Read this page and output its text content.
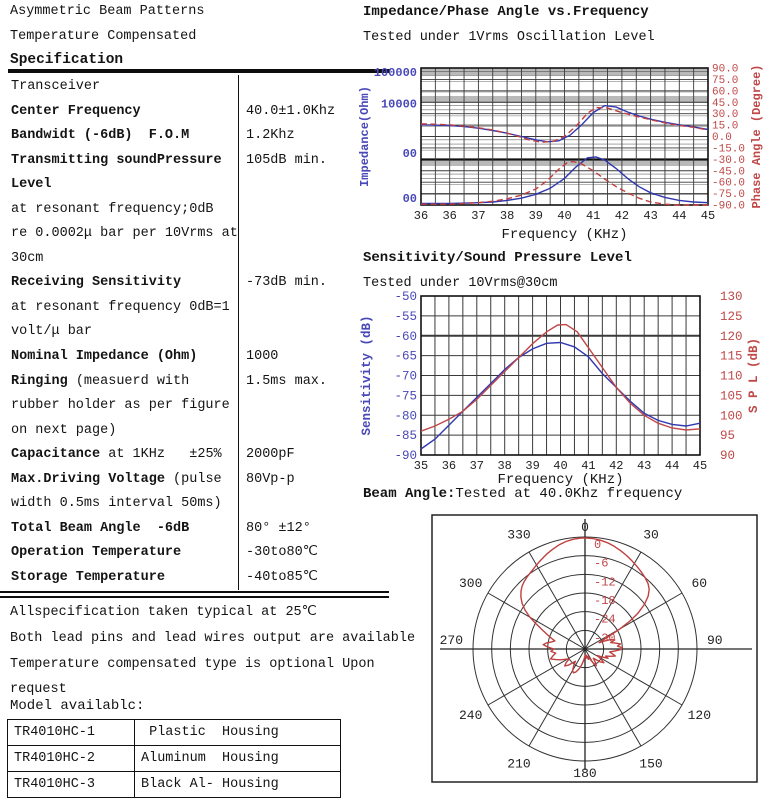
Asymmetric Beam Patterns
Temperature Compensated
Specification
Transceiver
Center Frequency	40.0±1.0Khz
Bandwidt (-6dB)  F.O.M	1.2Khz
Transmitting soundPressure	105dB min.
Level
at resonant frequency;0dB
re 0.0002μ bar per 10Vrms at
30cm
Receiving Sensitivity	-73dB min.
at resonant frequency 0dB=1
volt/μ bar
Nominal Impedance (Ohm)	1000
Ringing (measuerd with	1.5ms max.
rubber holder as per figure
on next page)
Capacitance at 1KHz   ±25%	2000pF
Max.Driving Voltage (pulse	80Vp-p
width 0.5ms interval 50ms)
Total Beam Angle  -6dB	80° ±12°
Operation Temperature	-30to80℃
Storage Temperature	-40to85℃
Allspecification taken typical at 25℃
Both lead pins and lead wires output are available
Temperature compensated type is optional Upon
request
Model availablc:
TR4010HC-1	Plastic  Housing
TR4010HC-2	Aluminum  Housing
TR4010HC-3	Black Al- Housing
Impedance/Phase Angle vs.Frequency
Tested under 1Vrms Oscillation Level
100000
10000
00
00
90.0
75.0
60.0
45.0
30.0
15.0
0.0
-15.0
-30.0
-45.0
-60.0
-75.0
-90.0
36 36 37 38 39 40 41 42 43 44 45
Frequency (KHz)
Impedance(Ohm)	Phase Angle (Degree)
Sensitivity/Sound Pressure Level
Tested under 10Vrms@30cm
-50
-55
-60
-65
-70
-75
-80
-85
-90
130
125
120
115
110
105
100
95
90
35 36 37 38 39 40 41 42 43 44 45
Frequency (KHz)
Sensitivity (dB)	S P L (dB)
Beam Angle:Tested at 40.0Khz frequency
0
-6
-12
-18
-24
-30
0
30
60
90
120
150
180
210
240
270
300
330
